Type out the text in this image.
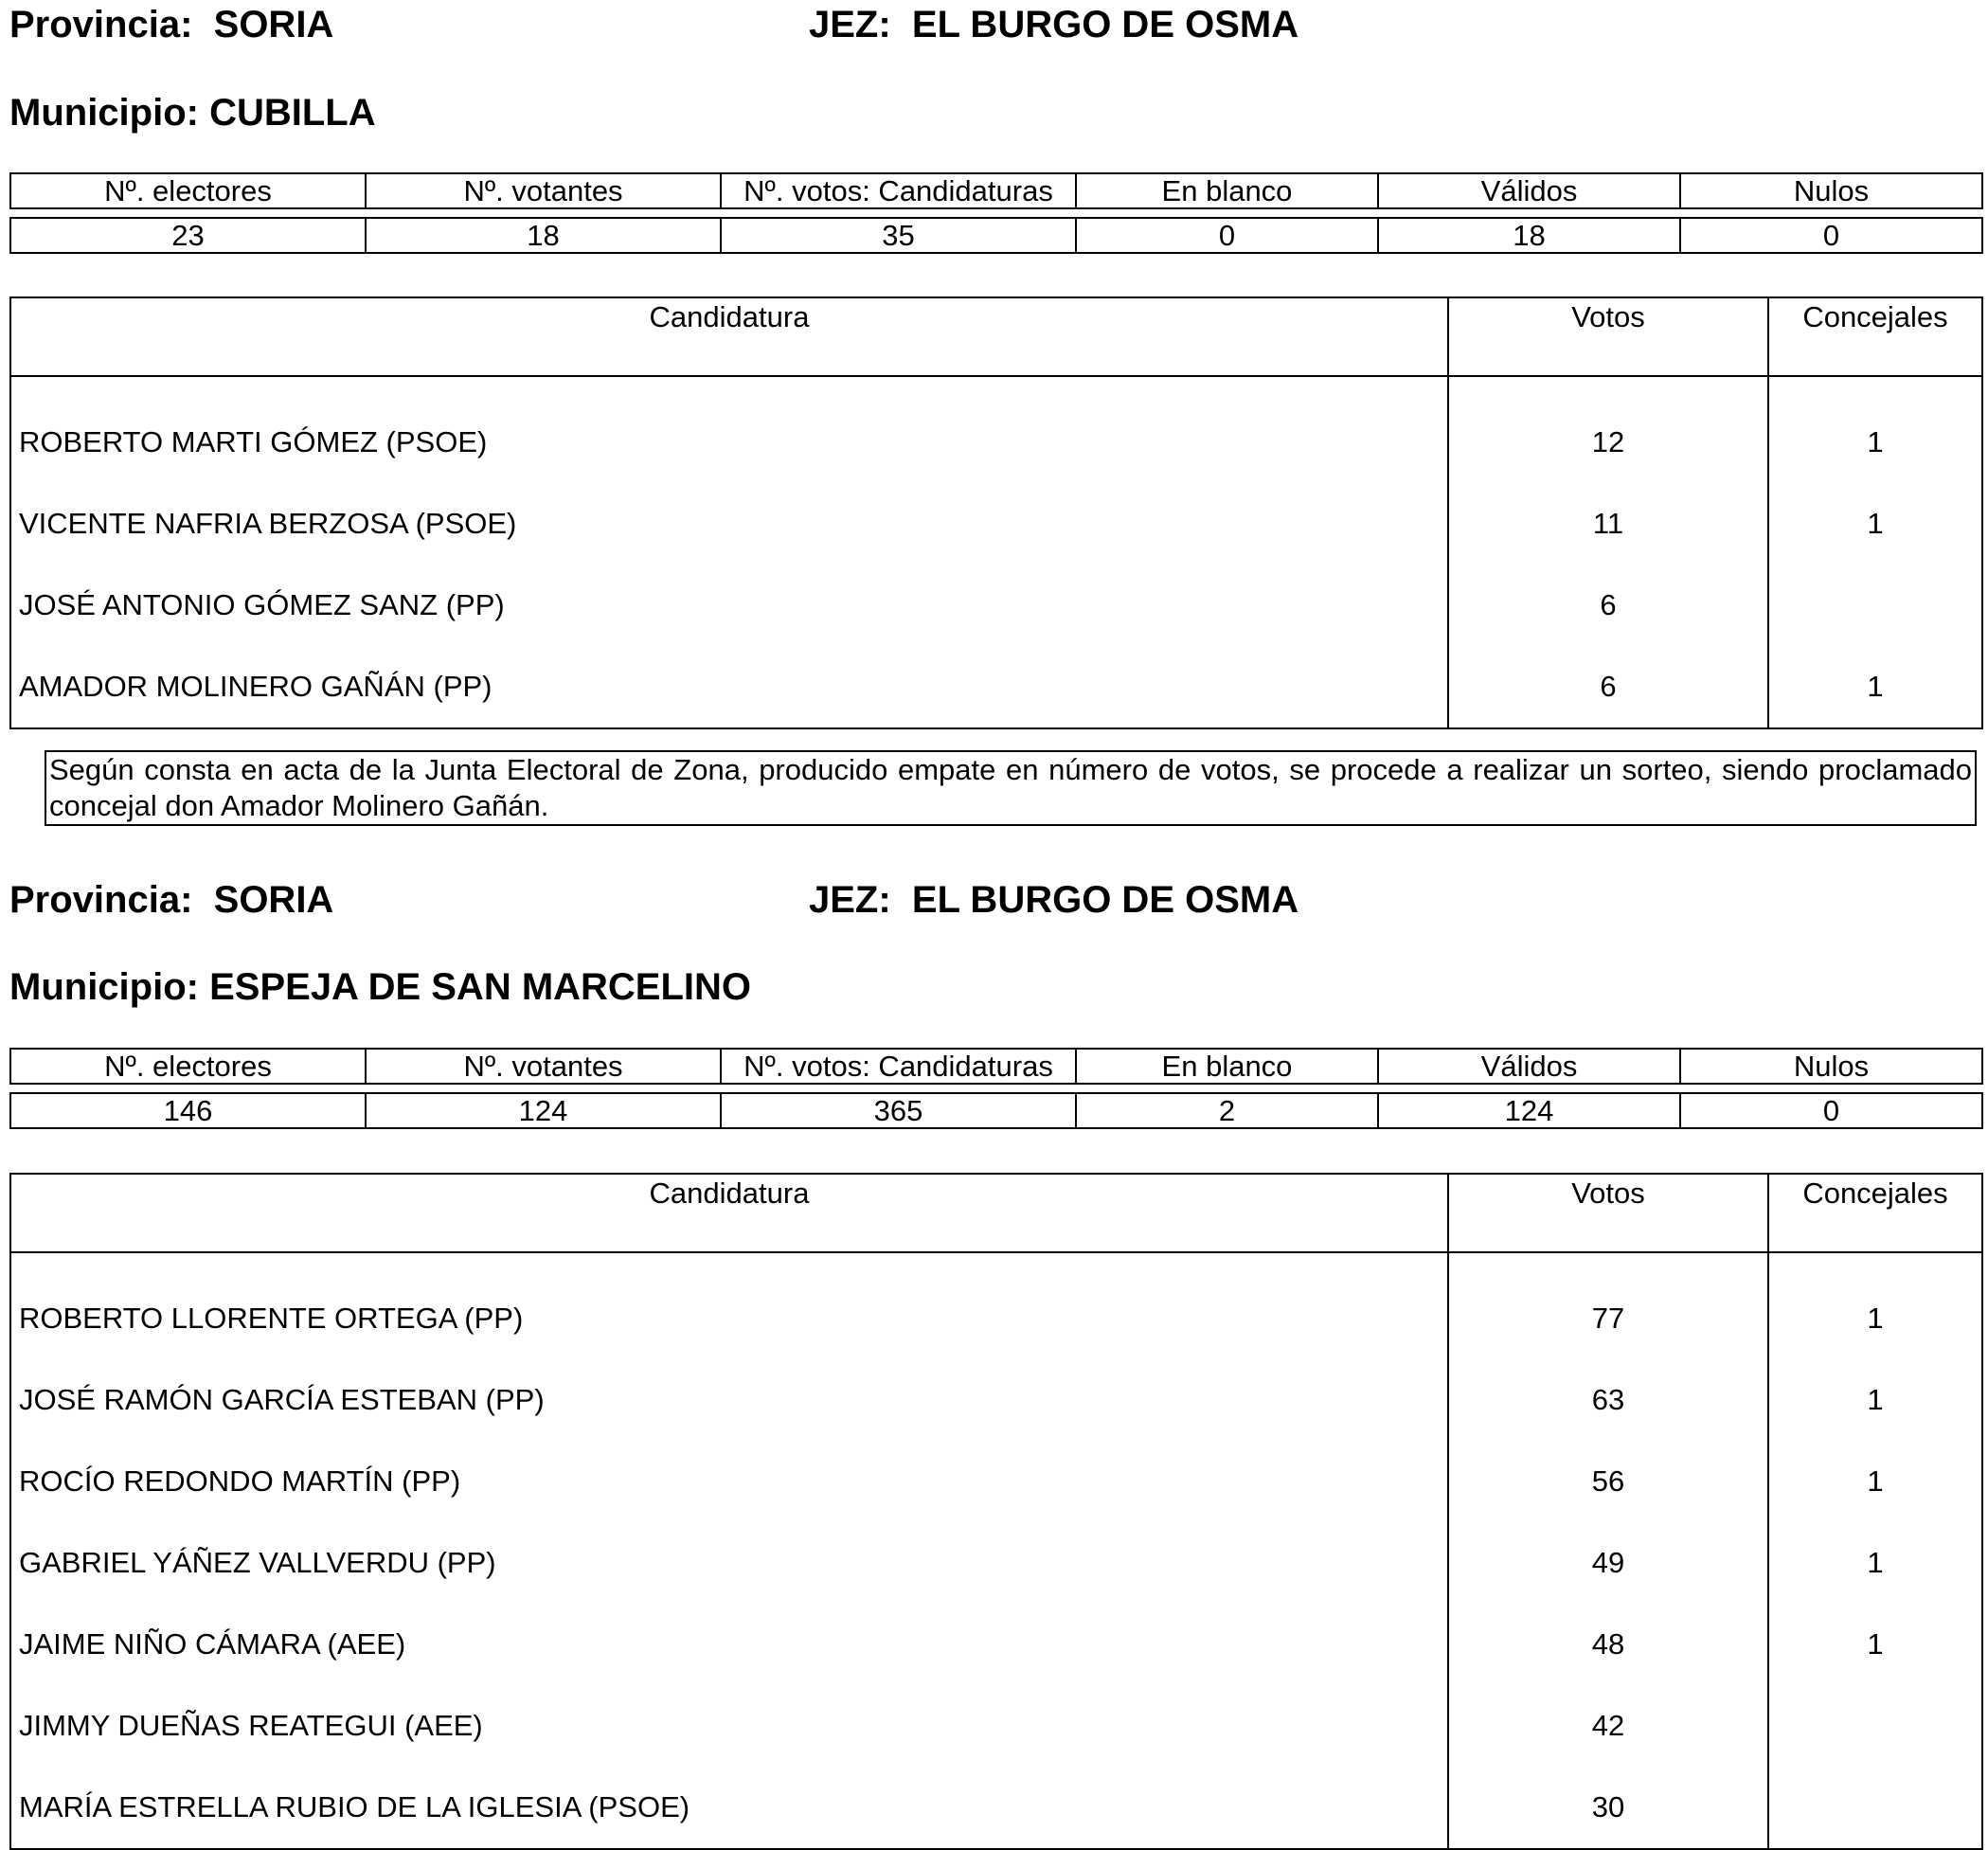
Provincia: SORIA	JEZ: EL BURGO DE OSMA
Municipio: CUBILLA
Nº. electores	Nº. votantes	Nº. votos: Candidaturas	En blanco	Válidos	Nulos

23	18	35	0	18	0
Candidatura	Votos	Concejales
ROBERTO MARTI GÓMEZ (PSOE)	12	1
VICENTE NAFRIA BERZOSA (PSOE)	11	1
JOSÉ ANTONIO GÓMEZ SANZ (PP)	6	
AMADOR MOLINERO GAÑÁN (PP)	6	1
Según consta en acta de la Junta Electoral de Zona, producido empate en número de votos, se procede a realizar un sorteo, siendo proclamado concejal don Amador Molinero Gañán.
Provincia: SORIA	JEZ: EL BURGO DE OSMA
Municipio: ESPEJA DE SAN MARCELINO
Nº. electores	Nº. votantes	Nº. votos: Candidaturas	En blanco	Válidos	Nulos

146	124	365	2	124	0
Candidatura	Votos	Concejales
ROBERTO LLORENTE ORTEGA (PP)	77	1
JOSÉ RAMÓN GARCÍA ESTEBAN (PP)	63	1
ROCÍO REDONDO MARTÍN (PP)	56	1
GABRIEL YÁÑEZ VALLVERDU (PP)	49	1
JAIME NIÑO CÁMARA (AEE)	48	1
JIMMY DUEÑAS REATEGUI (AEE)	42	
MARÍA ESTRELLA RUBIO DE LA IGLESIA (PSOE)	30	
